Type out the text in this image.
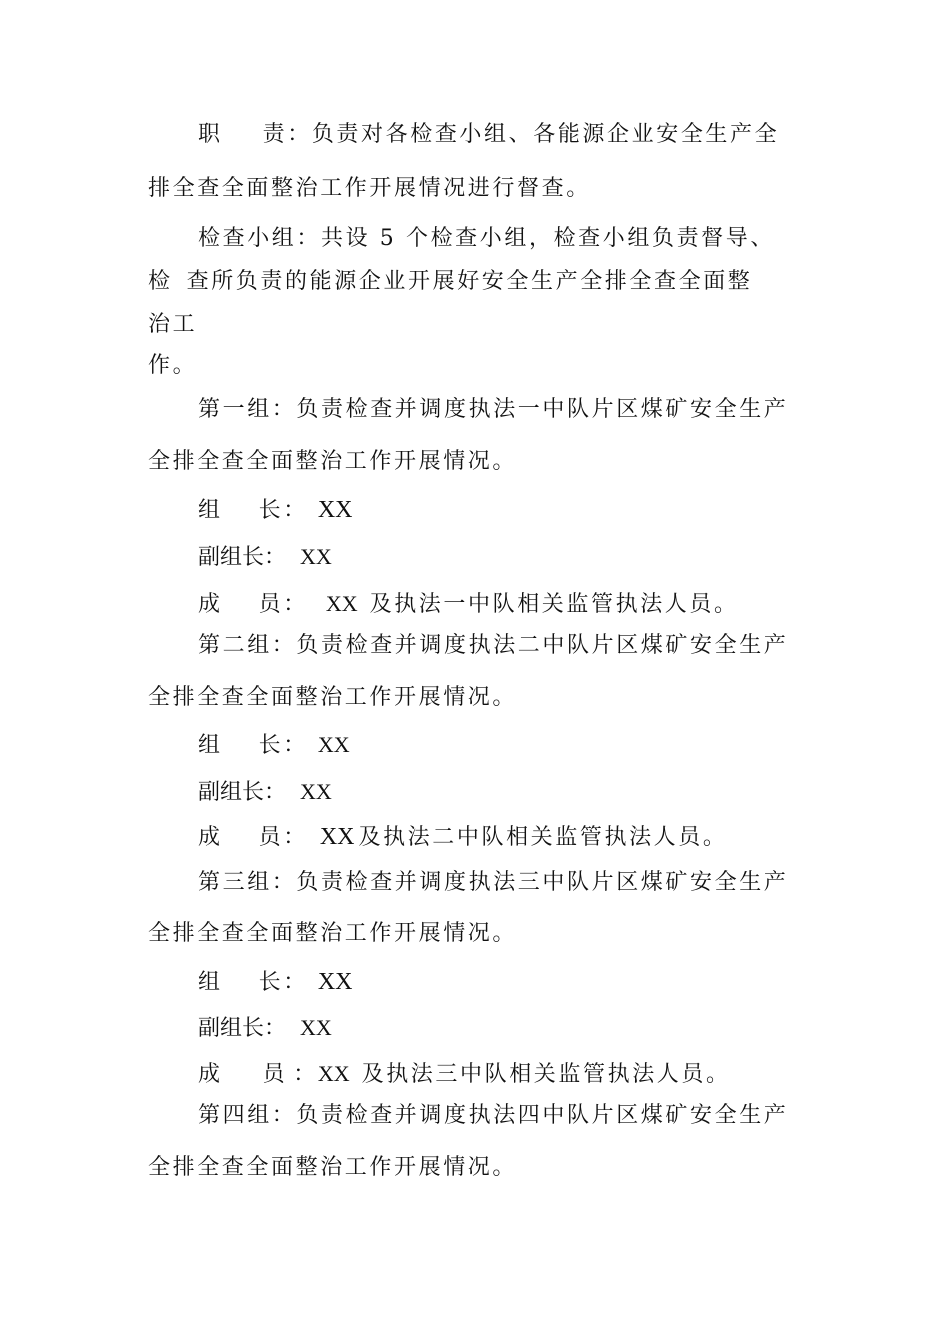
职 责：负责对各检查小组、各能源企业安全生产全
排全查全面整治工作开展情况进行督查。
检查小组：共设 5 个检查小组，检查小组负责督导、
检 查所负责的能源企业开展好安全生产全排全查全面整
治工
作。
第一组：负责检查并调度执法一中队片区煤矿安全生产
全排全查全面整治工作开展情况。
组 长： XX
副组长： XX
成 员： XX 及执法一中队相关监管执法人员。
第二组：负责检查并调度执法二中队片区煤矿安全生产
全排全查全面整治工作开展情况。
组 长： XX
副组长： XX
成 员： XX 及执法二中队相关监管执法人员。
第三组：负责检查并调度执法三中队片区煤矿安全生产
全排全查全面整治工作开展情况。
组 长： XX
副组长： XX
成 员 ：XX 及执法三中队相关监管执法人员。
第四组：负责检查并调度执法四中队片区煤矿安全生产
全排全查全面整治工作开展情况。
